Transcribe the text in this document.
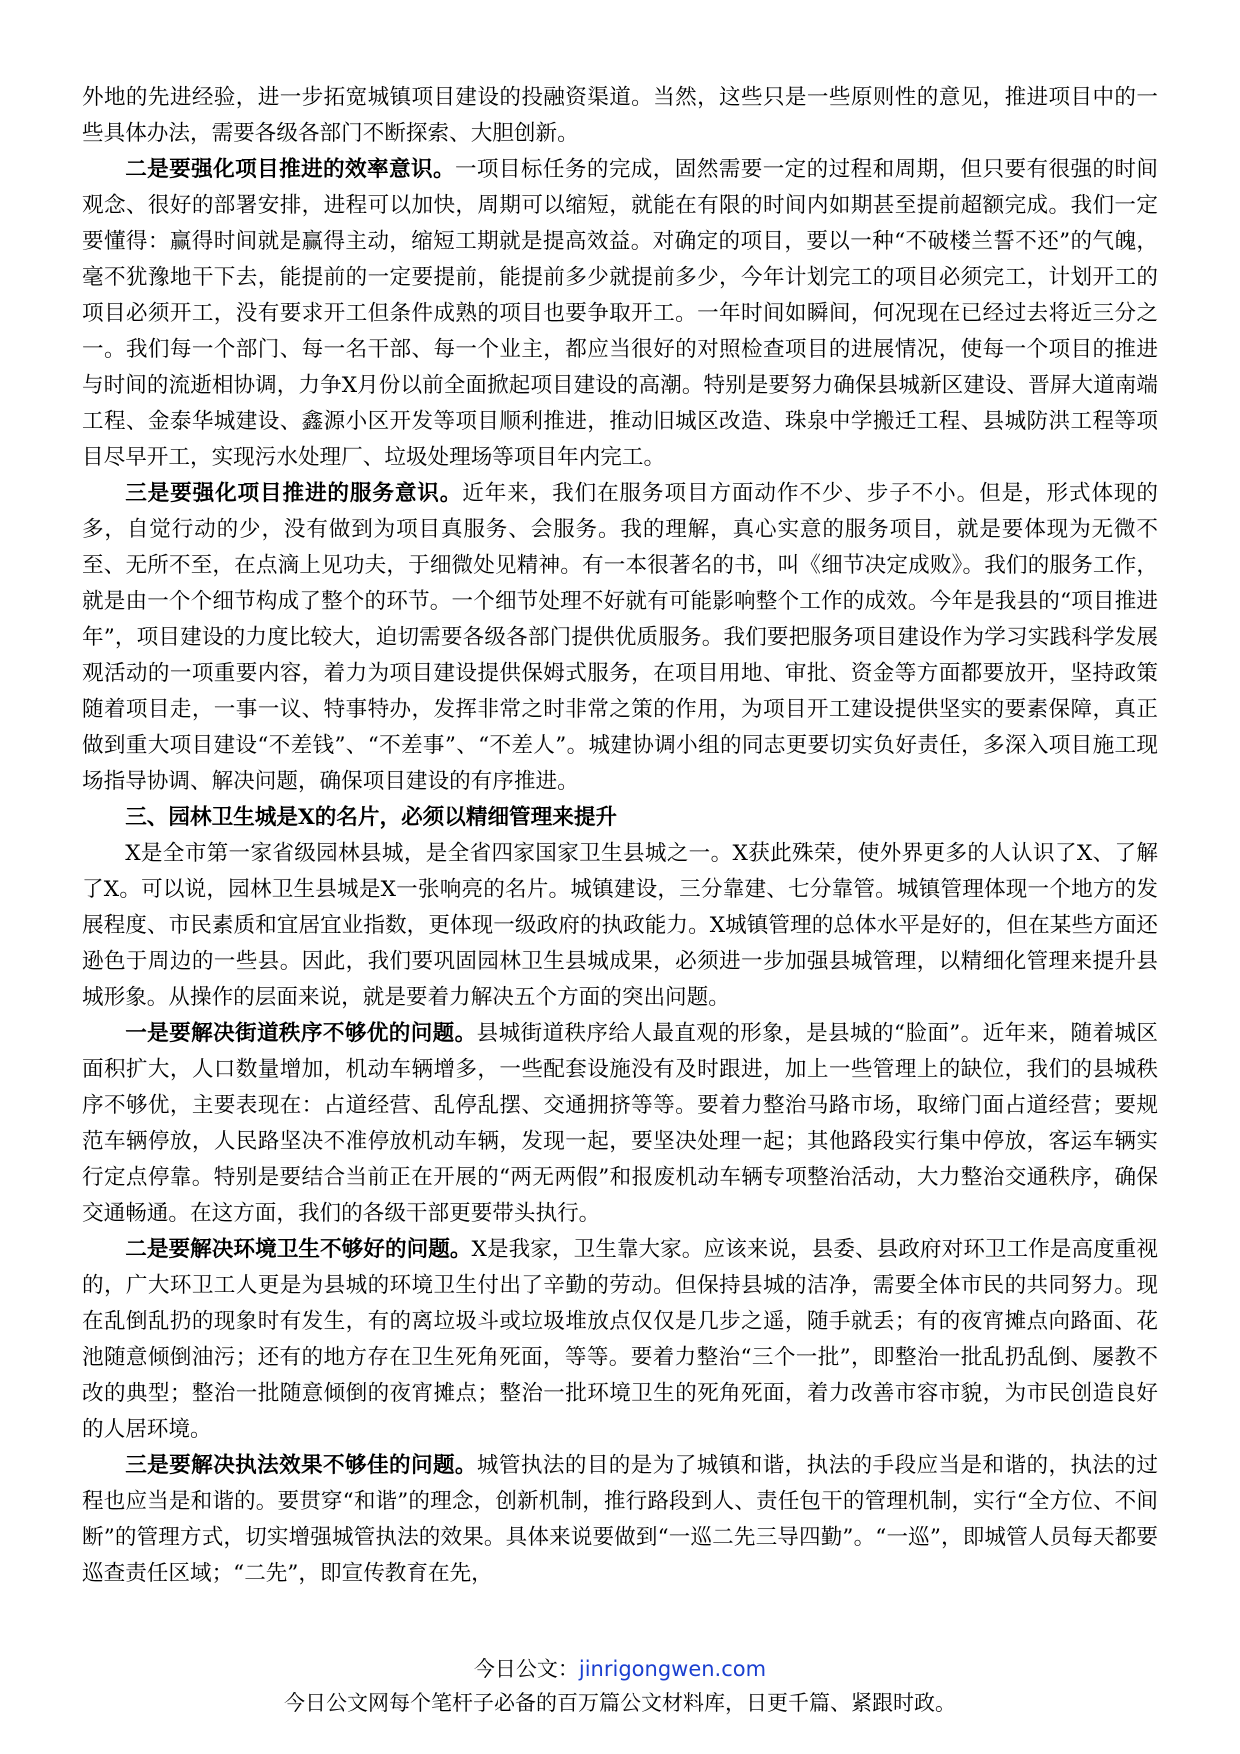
外地的先进经验，进一步拓宽城镇项目建设的投融资渠道。当然，这些只是一些原则性的意见，推进项目中的一些具体办法，需要各级各部门不断探索、大胆创新。

二是要强化项目推进的效率意识。一项目标任务的完成，固然需要一定的过程和周期，但只要有很强的时间观念、很好的部署安排，进程可以加快，周期可以缩短，就能在有限的时间内如期甚至提前超额完成。我们一定要懂得：赢得时间就是赢得主动，缩短工期就是提高效益。对确定的项目，要以一种“不破楼兰誓不还”的气魄，毫不犹豫地干下去，能提前的一定要提前，能提前多少就提前多少，今年计划完工的项目必须完工，计划开工的项目必须开工，没有要求开工但条件成熟的项目也要争取开工。一年时间如瞬间，何况现在已经过去将近三分之一。我们每一个部门、每一名干部、每一个业主，都应当很好的对照检查项目的进展情况，使每一个项目的推进与时间的流逝相协调，力争X月份以前全面掀起项目建设的高潮。特别是要努力确保县城新区建设、晋屏大道南端工程、金泰华城建设、鑫源小区开发等项目顺利推进，推动旧城区改造、珠泉中学搬迁工程、县城防洪工程等项目尽早开工，实现污水处理厂、垃圾处理场等项目年内完工。

三是要强化项目推进的服务意识。近年来，我们在服务项目方面动作不少、步子不小。但是，形式体现的多，自觉行动的少，没有做到为项目真服务、会服务。我的理解，真心实意的服务项目，就是要体现为无微不至、无所不至，在点滴上见功夫，于细微处见精神。有一本很著名的书，叫《细节决定成败》。我们的服务工作，就是由一个个细节构成了整个的环节。一个细节处理不好就有可能影响整个工作的成效。今年是我县的“项目推进年”，项目建设的力度比较大，迫切需要各级各部门提供优质服务。我们要把服务项目建设作为学习实践科学发展观活动的一项重要内容，着力为项目建设提供保姆式服务，在项目用地、审批、资金等方面都要放开，坚持政策随着项目走，一事一议、特事特办，发挥非常之时非常之策的作用，为项目开工建设提供坚实的要素保障，真正做到重大项目建设“不差钱”、“不差事”、“不差人”。城建协调小组的同志更要切实负好责任，多深入项目施工现场指导协调、解决问题，确保项目建设的有序推进。

三、园林卫生城是X的名片，必须以精细管理来提升

X是全市第一家省级园林县城，是全省四家国家卫生县城之一。X获此殊荣，使外界更多的人认识了X、了解了X。可以说，园林卫生县城是X一张响亮的名片。城镇建设，三分靠建、七分靠管。城镇管理体现一个地方的发展程度、市民素质和宜居宜业指数，更体现一级政府的执政能力。X城镇管理的总体水平是好的，但在某些方面还逊色于周边的一些县。因此，我们要巩固园林卫生县城成果，必须进一步加强县城管理，以精细化管理来提升县城形象。从操作的层面来说，就是要着力解决五个方面的突出问题。

一是要解决街道秩序不够优的问题。县城街道秩序给人最直观的形象，是县城的“脸面”。近年来，随着城区面积扩大，人口数量增加，机动车辆增多，一些配套设施没有及时跟进，加上一些管理上的缺位，我们的县城秩序不够优，主要表现在：占道经营、乱停乱摆、交通拥挤等等。要着力整治马路市场，取缔门面占道经营；要规范车辆停放，人民路坚决不准停放机动车辆，发现一起，要坚决处理一起；其他路段实行集中停放，客运车辆实行定点停靠。特别是要结合当前正在开展的“两无两假”和报废机动车辆专项整治活动，大力整治交通秩序，确保交通畅通。在这方面，我们的各级干部更要带头执行。

二是要解决环境卫生不够好的问题。X是我家，卫生靠大家。应该来说，县委、县政府对环卫工作是高度重视的，广大环卫工人更是为县城的环境卫生付出了辛勤的劳动。但保持县城的洁净，需要全体市民的共同努力。现在乱倒乱扔的现象时有发生，有的离垃圾斗或垃圾堆放点仅仅是几步之遥，随手就丢；有的夜宵摊点向路面、花池随意倾倒油污；还有的地方存在卫生死角死面，等等。要着力整治“三个一批”，即整治一批乱扔乱倒、屡教不改的典型；整治一批随意倾倒的夜宵摊点；整治一批环境卫生的死角死面，着力改善市容市貌，为市民创造良好的人居环境。

三是要解决执法效果不够佳的问题。城管执法的目的是为了城镇和谐，执法的手段应当是和谐的，执法的过程也应当是和谐的。要贯穿“和谐”的理念，创新机制，推行路段到人、责任包干的管理机制，实行“全方位、不间断”的管理方式，切实增强城管执法的效果。具体来说要做到“一巡二先三导四勤”。“一巡”，即城管人员每天都要巡查责任区域；“二先”，即宣传教育在先，

今日公文：jinrigongwen.com
今日公文网每个笔杆子必备的百万篇公文材料库，日更千篇、紧跟时政。
